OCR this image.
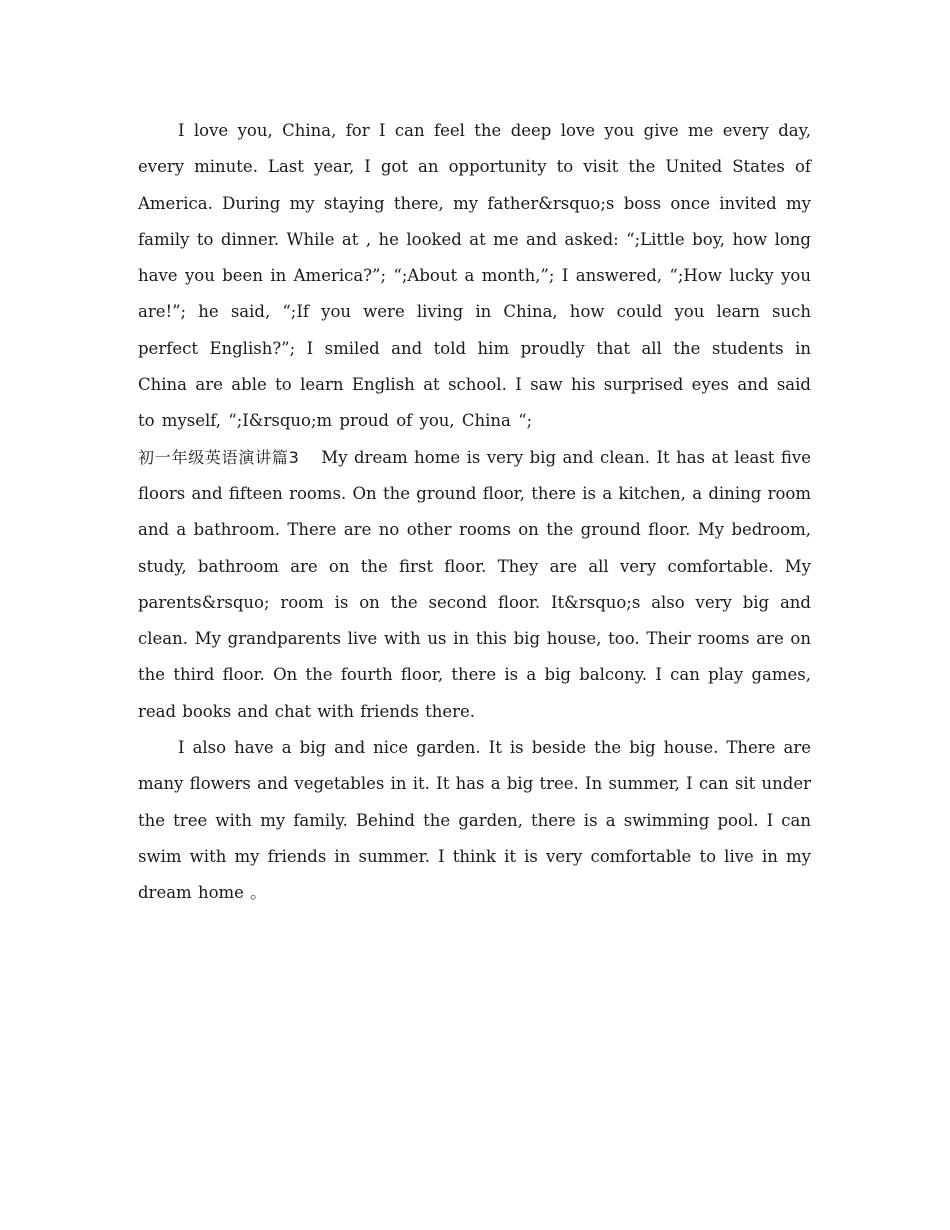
I love you, China, for I can feel the deep love you give me every day, every minute. Last year, I got an opportunity to visit the United States of America. During my staying there, my father&rsquo;s boss once invited my family to dinner. While at , he looked at me and asked: “;Little boy, how long have you been in America?”; “;About a month,”; I answered, “;How lucky you are!”; he said, “;If you were living in China, how could you learn such perfect English?”; I smiled and told him proudly that all the students in China are able to learn English at school. I saw his surprised eyes and said to myself, “;I&rsquo;m proud of you, China “;

初一年级英语演讲篇3 My dream home is very big and clean. It has at least five floors and fifteen rooms. On the ground floor, there is a kitchen, a dining room and a bathroom. There are no other rooms on the ground floor. My bedroom, study, bathroom are on the first floor. They are all very comfortable. My parents&rsquo; room is on the second floor. It&rsquo;s also very big and clean. My grandparents live with us in this big house, too. Their rooms are on the third floor. On the fourth floor, there is a big balcony. I can play games, read books and chat with friends there.

I also have a big and nice garden. It is beside the big house. There are many flowers and vegetables in it. It has a big tree. In summer, I can sit under the tree with my family. Behind the garden, there is a swimming pool. I can swim with my friends in summer. I think it is very comfortable to live in my dream home 。
